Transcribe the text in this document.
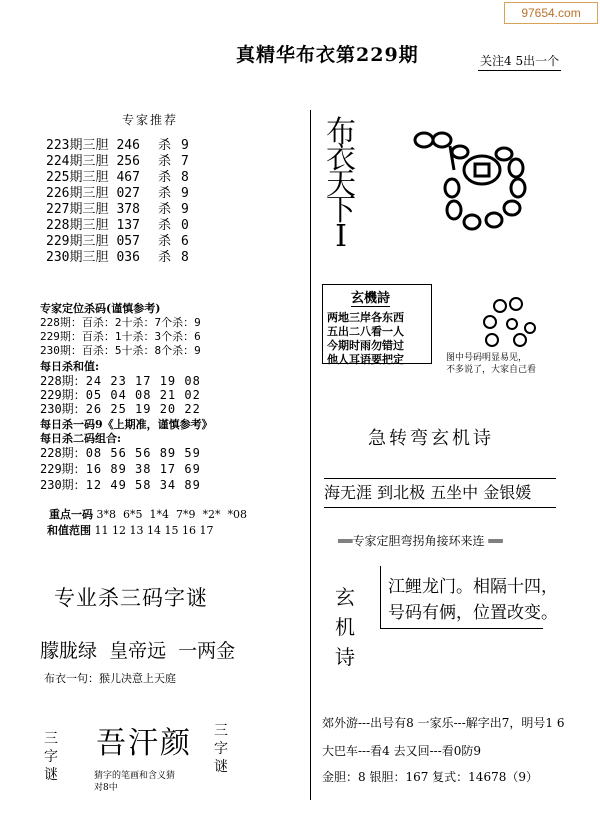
97654.com
真精华布衣第229期	关注4 5出一个
专家推荐
223期三胆 246 杀 9
224期三胆 256 杀 7
225期三胆 467 杀 8
226期三胆 027 杀 9
227期三胆 378 杀 9
228期三胆 137 杀 0
229期三胆 057 杀 6
230期三胆 036 杀 8
专家定位杀码(谨慎参考)
228期：百杀：2十杀：7个杀：9
229期：百杀：1十杀：3个杀：6
230期：百杀：5十杀：8个杀：9
每日杀和值:
228期：24 23 17 19 08
229期：05 04 08 21 02
230期：26 25 19 20 22
每日杀一码9《上期准，谨慎参考》
每日杀二码组合:
228期：08 56 56 89 59
229期：16 89 38 17 69
230期：12 49 58 34 89

重点一码 3*8  6*5  1*4  7*9  *2*  *08

和值范围 11 12 13 14 15 16 17

专业杀三码字谜
朦胧绿  皇帝远  一两金
布衣一句：猴儿决意上天庭
三
字
谜
吾汗颜
猜字的笔画和含义猜
对8中
三
字
谜
布
衣
天
下
I
玄機詩
两地三岸各东西
五出二八看一人
今期时雨勿错过
他人耳语要把定	图中号码明显易见，
不多说了，大家自己看
急转弯玄机诗
海无涯 到北极 五坐中 金银媛
══专家定胆弯拐角接环来连 ══
玄
机
诗
江鲤龙门。相隔十四，
号码有俩，位置改变。
郊外游---出号有8 一家乐---解字出7，明号1 6
大巴车---看4 去又回---看0防9
金胆：8 银胆：167 复式：14678（9）
